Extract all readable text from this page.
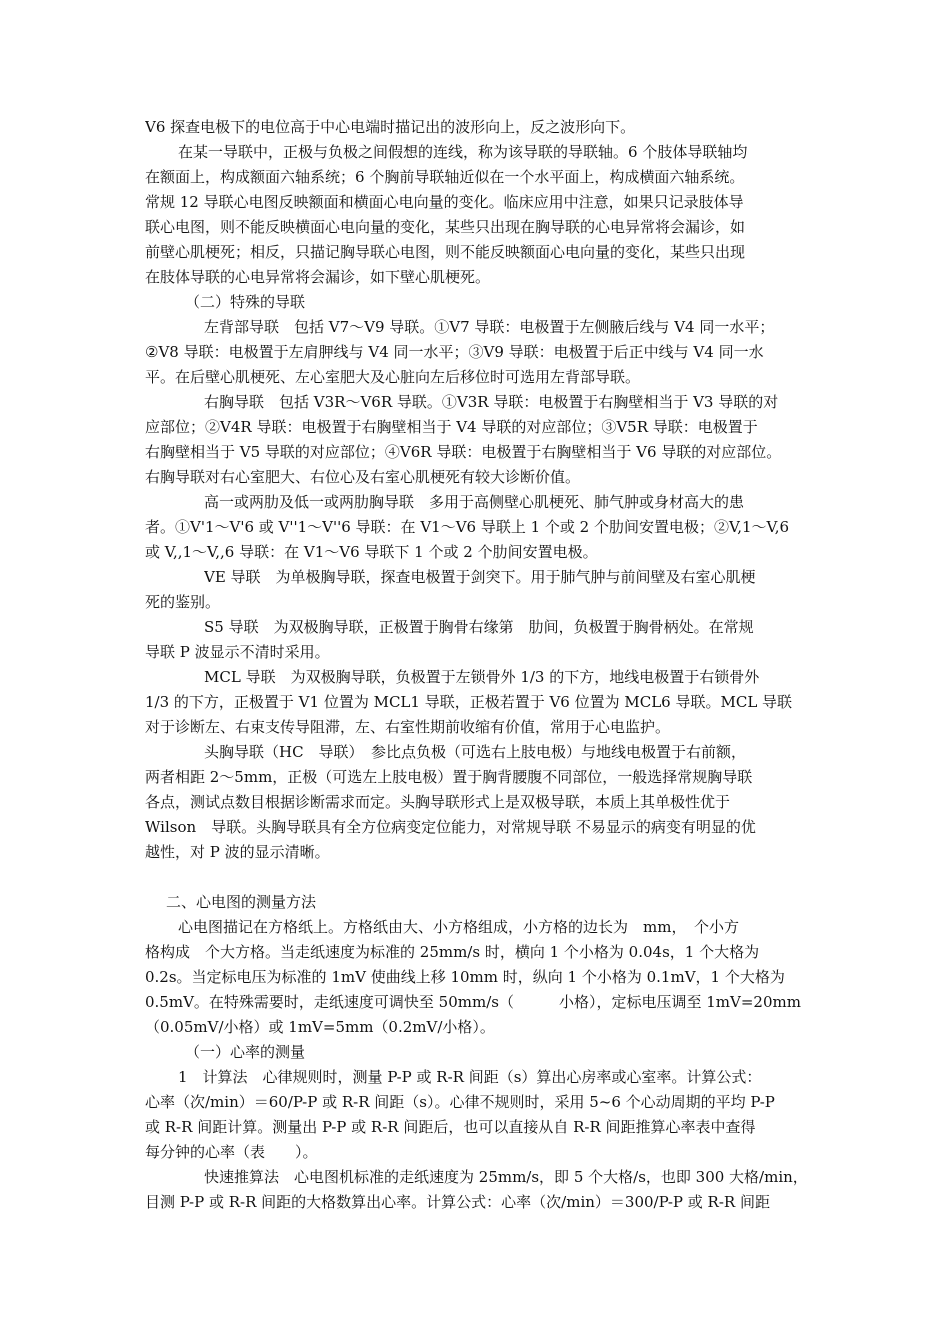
V6 探查电极下的电位高于中心电端时描记出的波形向上，反之波形向下。
在某一导联中，正极与负极之间假想的连线，称为该导联的导联轴。6 个肢体导联轴均
在额面上，构成额面六轴系统；6 个胸前导联轴近似在一个水平面上，构成横面六轴系统。
常规 12 导联心电图反映额面和横面心电向量的变化。临床应用中注意，如果只记录肢体导
联心电图，则不能反映横面心电向量的变化，某些只出现在胸导联的心电异常将会漏诊，如
前壁心肌梗死；相反，只描记胸导联心电图，则不能反映额面心电向量的变化，某些只出现
在肢体导联的心电异常将会漏诊，如下壁心肌梗死。
（二）特殊的导联
左背部导联　包括 V7～V9 导联。①V7 导联：电极置于左侧腋后线与 V4 同一水平；
②V8 导联：电极置于左肩胛线与 V4 同一水平；③V9 导联：电极置于后正中线与 V4 同一水
平。在后壁心肌梗死、左心室肥大及心脏向左后移位时可选用左背部导联。
右胸导联　包括 V3R～V6R 导联。①V3R 导联：电极置于右胸壁相当于 V3 导联的对
应部位；②V4R 导联：电极置于右胸壁相当于 V4 导联的对应部位；③V5R 导联：电极置于
右胸壁相当于 V5 导联的对应部位；④V6R 导联：电极置于右胸壁相当于 V6 导联的对应部位。
右胸导联对右心室肥大、右位心及右室心肌梗死有较大诊断价值。
高一或两肋及低一或两肋胸导联　多用于高侧壁心肌梗死、肺气肿或身材高大的患
者。①V'1～V'6 或 V''1～V''6 导联：在 V1～V6 导联上 1 个或 2 个肋间安置电极；②V,1～V,6
或 V,,1～V,,6 导联：在 V1～V6 导联下 1 个或 2 个肋间安置电极。
VE 导联　为单极胸导联，探查电极置于剑突下。用于肺气肿与前间壁及右室心肌梗
死的鉴别。
S5 导联　为双极胸导联，正极置于胸骨右缘第　肋间，负极置于胸骨柄处。在常规
导联 P 波显示不清时采用。
MCL 导联　为双极胸导联，负极置于左锁骨外 1/3 的下方，地线电极置于右锁骨外
1/3 的下方，正极置于 V1 位置为 MCL1 导联，正极若置于 V6 位置为 MCL6 导联。MCL 导联
对于诊断左、右束支传导阻滞，左、右室性期前收缩有价值，常用于心电监护。
头胸导联（HC　导联）　参比点负极（可选右上肢电极）与地线电极置于右前额，
两者相距 2～5mm，正极（可选左上肢电极）置于胸背腰腹不同部位，一般选择常规胸导联
各点，测试点数目根据诊断需求而定。头胸导联形式上是双极导联，本质上其单极性优于
Wilson　导联。头胸导联具有全方位病变定位能力，对常规导联 不易显示的病变有明显的优
越性，对 P 波的显示清晰。
二、心电图的测量方法
心电图描记在方格纸上。方格纸由大、小方格组成，小方格的边长为　mm，　个小方
格构成　个大方格。当走纸速度为标准的 25mm/s 时，横向 1 个小格为 0.04s，1 个大格为
0.2s。当定标电压为标准的 1mV 使曲线上移 10mm 时，纵向 1 个小格为 0.1mV，1 个大格为
0.5mV。在特殊需要时，走纸速度可调快至 50mm/s（　　　小格），定标电压调至 1mV=20mm
（0.05mV/小格）或 1mV=5mm（0.2mV/小格）。
（一）心率的测量
1　计算法　心律规则时，测量 P-P 或 R-R 间距（s）算出心房率或心室率。计算公式：
心率（次/min）＝60/P-P 或 R-R 间距（s）。心律不规则时，采用 5~6 个心动周期的平均 P-P
或 R-R 间距计算。测量出 P-P 或 R-R 间距后，也可以直接从自 R-R 间距推算心率表中查得
每分钟的心率（表　　）。
快速推算法　心电图机标准的走纸速度为 25mm/s，即 5 个大格/s，也即 300 大格/min，
目测 P-P 或 R-R 间距的大格数算出心率。计算公式：心率（次/min）＝300/P-P 或 R-R 间距
